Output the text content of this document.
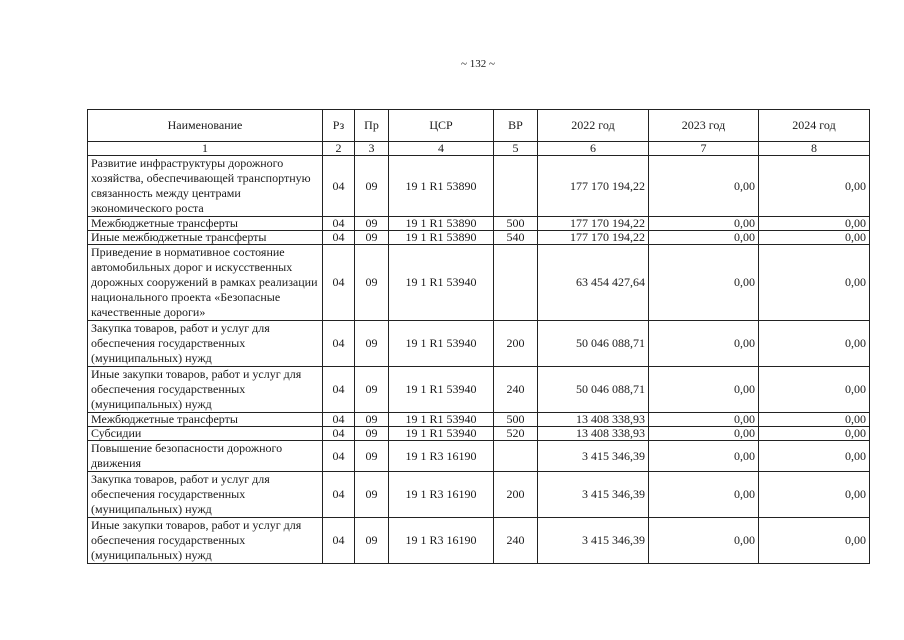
~ 132 ~
Наименование	Рз	Пр	ЦСР	ВР	2022 год	2023 год	2024 год
1	2	3	4	5	6	7	8
Развитие инфраструктуры дорожного хозяйства, обеспечивающей транспортную связанность между центрами экономического роста	04	09	19 1 R1 53890		177 170 194,22	0,00	0,00
Межбюджетные трансферты	04	09	19 1 R1 53890	500	177 170 194,22	0,00	0,00
Иные межбюджетные трансферты	04	09	19 1 R1 53890	540	177 170 194,22	0,00	0,00
Приведение в нормативное состояние автомобильных дорог и искусственных дорожных сооружений в рамках реализации национального проекта «Безопасные качественные дороги»	04	09	19 1 R1 53940		63 454 427,64	0,00	0,00
Закупка товаров, работ и услуг для обеспечения государственных (муниципальных) нужд	04	09	19 1 R1 53940	200	50 046 088,71	0,00	0,00
Иные закупки товаров, работ и услуг для обеспечения государственных (муниципальных) нужд	04	09	19 1 R1 53940	240	50 046 088,71	0,00	0,00
Межбюджетные трансферты	04	09	19 1 R1 53940	500	13 408 338,93	0,00	0,00
Субсидии	04	09	19 1 R1 53940	520	13 408 338,93	0,00	0,00
Повышение безопасности дорожного движения	04	09	19 1 R3 16190		3 415 346,39	0,00	0,00
Закупка товаров, работ и услуг для обеспечения государственных (муниципальных) нужд	04	09	19 1 R3 16190	200	3 415 346,39	0,00	0,00
Иные закупки товаров, работ и услуг для обеспечения государственных (муниципальных) нужд	04	09	19 1 R3 16190	240	3 415 346,39	0,00	0,00
